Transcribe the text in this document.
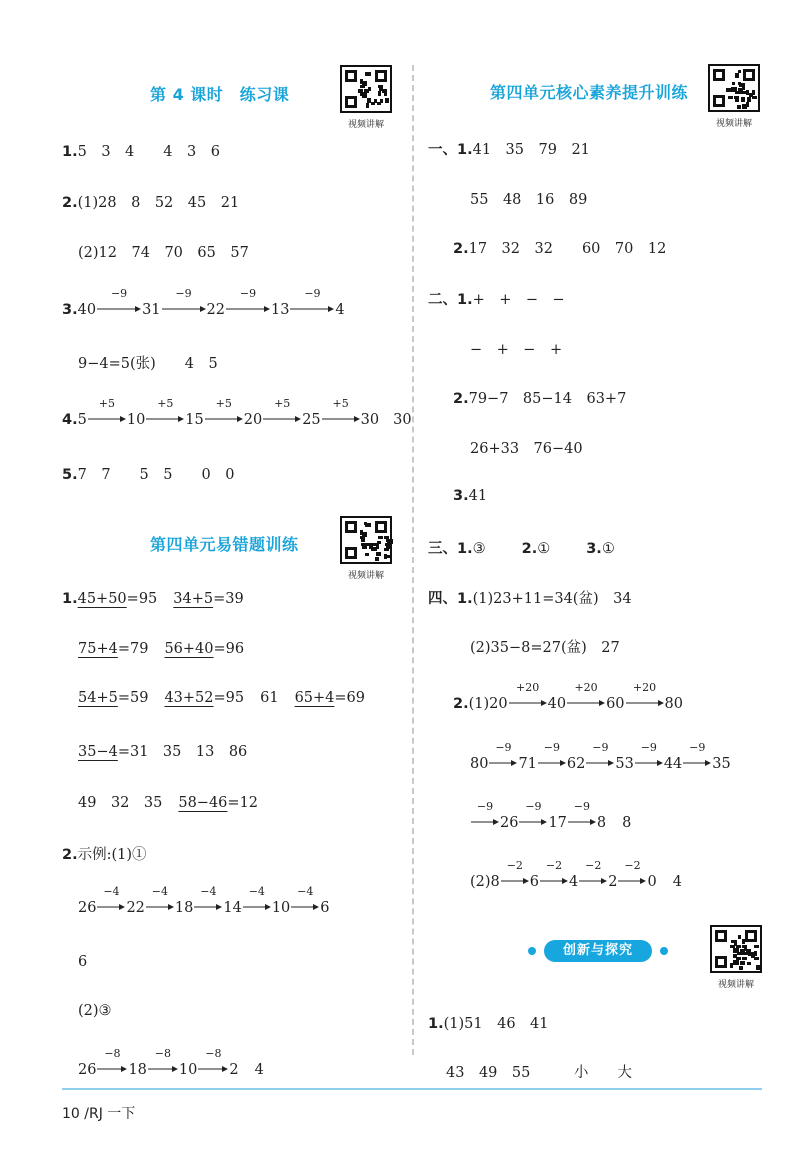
第 4 课时　练习课
视频讲解
1.5　3　4　　4　3　6
2.(1)28　8　52　45　21
(2)12　74　70　65　57
3.40
−9
31
−9
22
−9
13
−9
4
9−4=5(张)　　4　5
4.5
+5
10
+5
15
+5
20
+5
25
+5
30 30
5.7　7　　5　5　　0　0
第四单元易错题训练
视频讲解
1.45+50=95 34+5=39
75+4=79 56+40=96
54+5=59 43+52=95 61 65+4=69
35−4=31　35　13　86
49　32　35 58−46=12
2.示例:(1)①
26
−4
22
−4
18
−4
14
−4
10
−4
6
6
(2)③
26
−8
18
−8
10
−8
2 4
第四单元核心素养提升训练
视频讲解
一、1.41　35　79　21
55　48　16　89
2.17　32　32　　60　70　12
二、1.+　+　−　−
−　+　−　+
2.79−7　85−14　63+7
26+33　76−40
3.41
三、1.③ 2.① 3.①
四、1.(1)23+11=34(盆)　34
(2)35−8=27(盆)　27
2.(1)20
+20
40
+20
60
+20
80
80
−9
71
−9
62
−9
53
−9
44
−9
35
−9
26
−9
17
−9
8 8
(2)8
−2
6
−2
4
−2
2
−2
0 4
创新与探究
视频讲解
1.(1)51　46　41
43　49　55　　　小　　大
10 /RJ 一下
